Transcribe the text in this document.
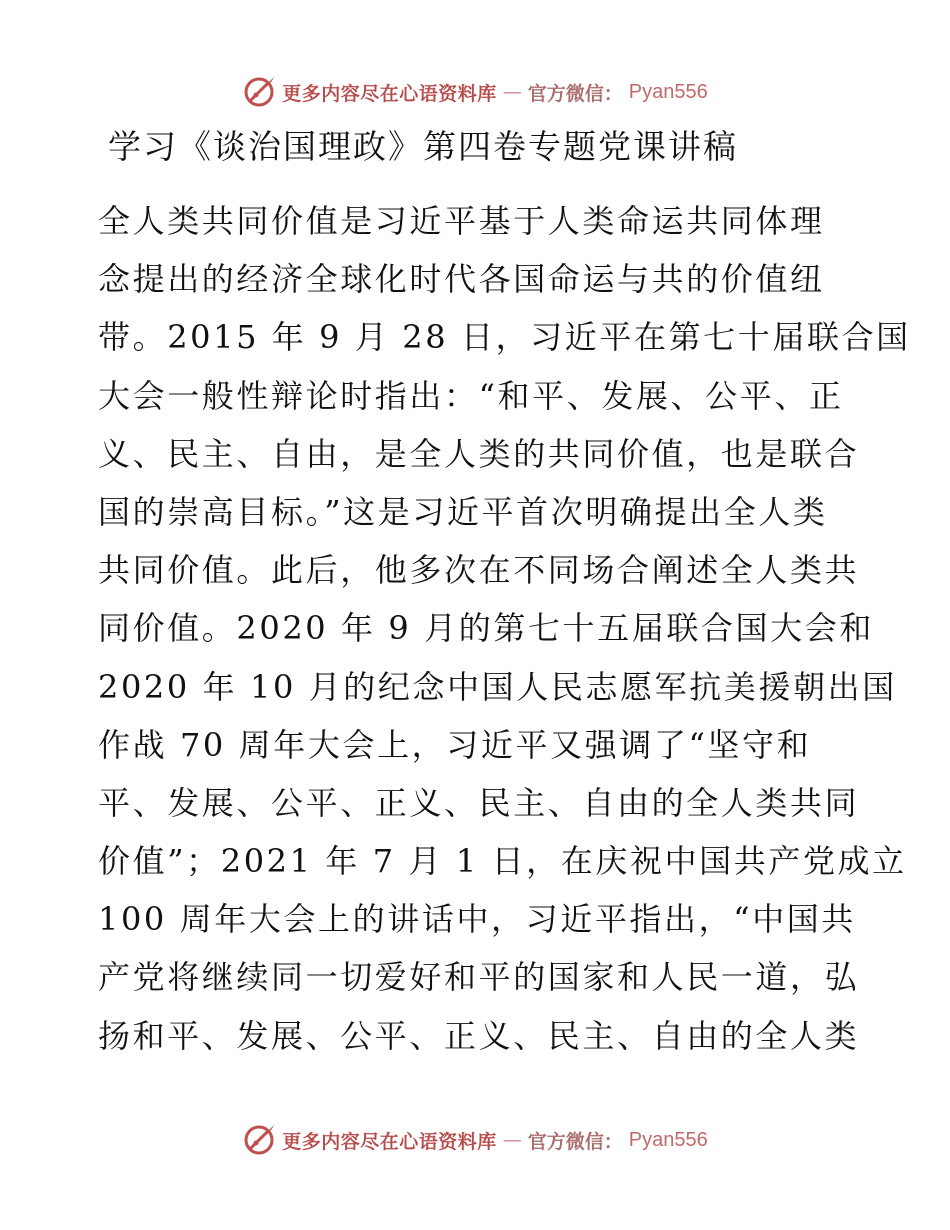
更多内容尽在心语资料库 — 官方微信： Pyan556
学习《谈治国理政》第四卷专题党课讲稿
全人类共同价值是习近平基于人类命运共同体理
念提出的经济全球化时代各国命运与共的价值纽
带。2015 年 9 月 28 日，习近平在第七十届联合国
大会一般性辩论时指出：“和平、发展、公平、正
义、民主、自由，是全人类的共同价值，也是联合
国的崇高目标。”这是习近平首次明确提出全人类
共同价值。此后，他多次在不同场合阐述全人类共
同价值。2020 年 9 月的第七十五届联合国大会和
2020 年 10 月的纪念中国人民志愿军抗美援朝出国
作战 70 周年大会上，习近平又强调了“坚守和
平、发展、公平、正义、民主、自由的全人类共同
价值”；2021 年 7 月 1 日，在庆祝中国共产党成立
100 周年大会上的讲话中，习近平指出，“中国共
产党将继续同一切爱好和平的国家和人民一道，弘
扬和平、发展、公平、正义、民主、自由的全人类
更多内容尽在心语资料库 — 官方微信： Pyan556
